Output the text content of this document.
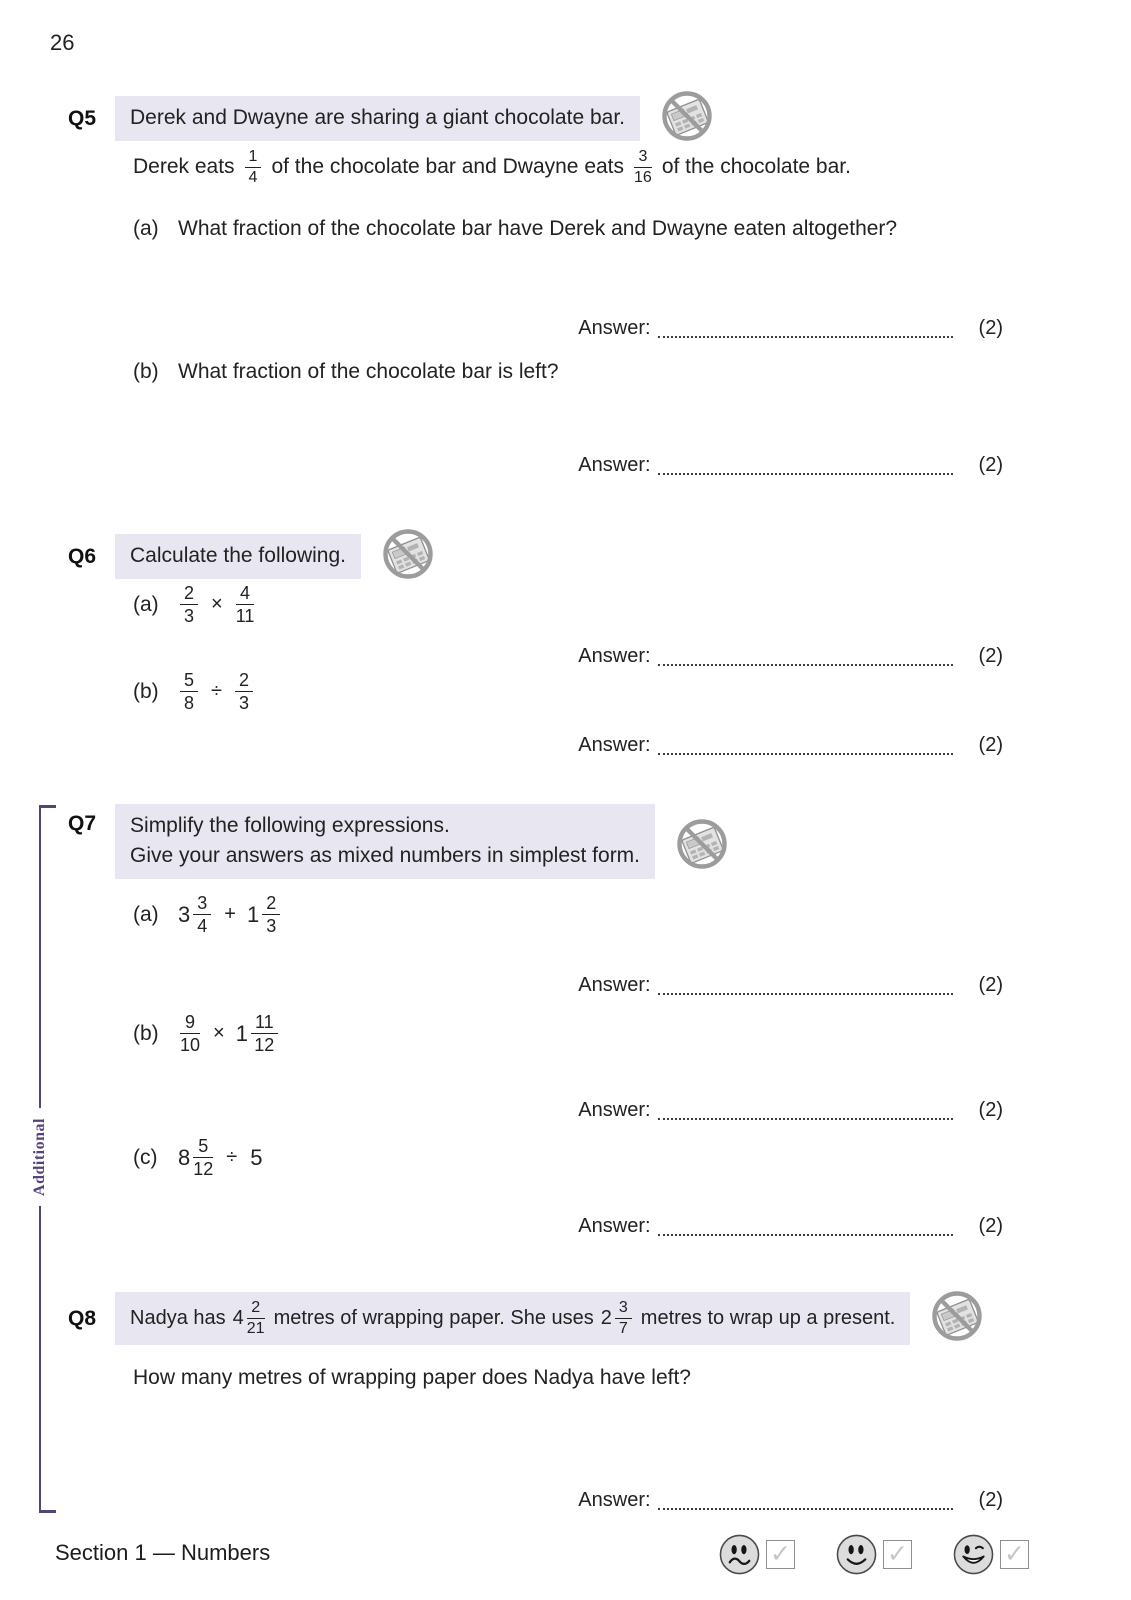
26
Q5	Derek and Dwayne are sharing a giant chocolate bar.
Derek eats $\frac{1}{4}$ of the chocolate bar and Dwayne eats $\frac{3}{16}$ of the chocolate bar.
(a) What fraction of the chocolate bar have Derek and Dwayne eaten altogether?
Answer:	(2)
(b) What fraction of the chocolate bar is left?
Answer:	(2)
Q6	Calculate the following.
(a)	$\frac{2}{3} \times \frac{4}{11}$
Answer:	(2)
(b)	$\frac{5}{8} \div \frac{2}{3}$
Answer:	(2)
Additional
Q7 Simplify the following expressions.
Give your answers as mixed numbers in simplest form.
(a) $3 \frac{3}{4} + 1 \frac{2}{3}$
Answer:	(2)
(b)	$\frac{9}{10} \times 1 \frac{11}{12}$
Answer:	(2)
(c) $8 \frac{5}{12} \div 5$
Answer:	(2)
Q8 Nadya has $4 \frac{2}{21}$ metres of wrapping paper. She uses $2 \frac{3}{7}$ metres to wrap up a present.
How many metres of wrapping paper does Nadya have left?
Answer:	(2)
Section 1 — Numbers	✓	✓	✓
